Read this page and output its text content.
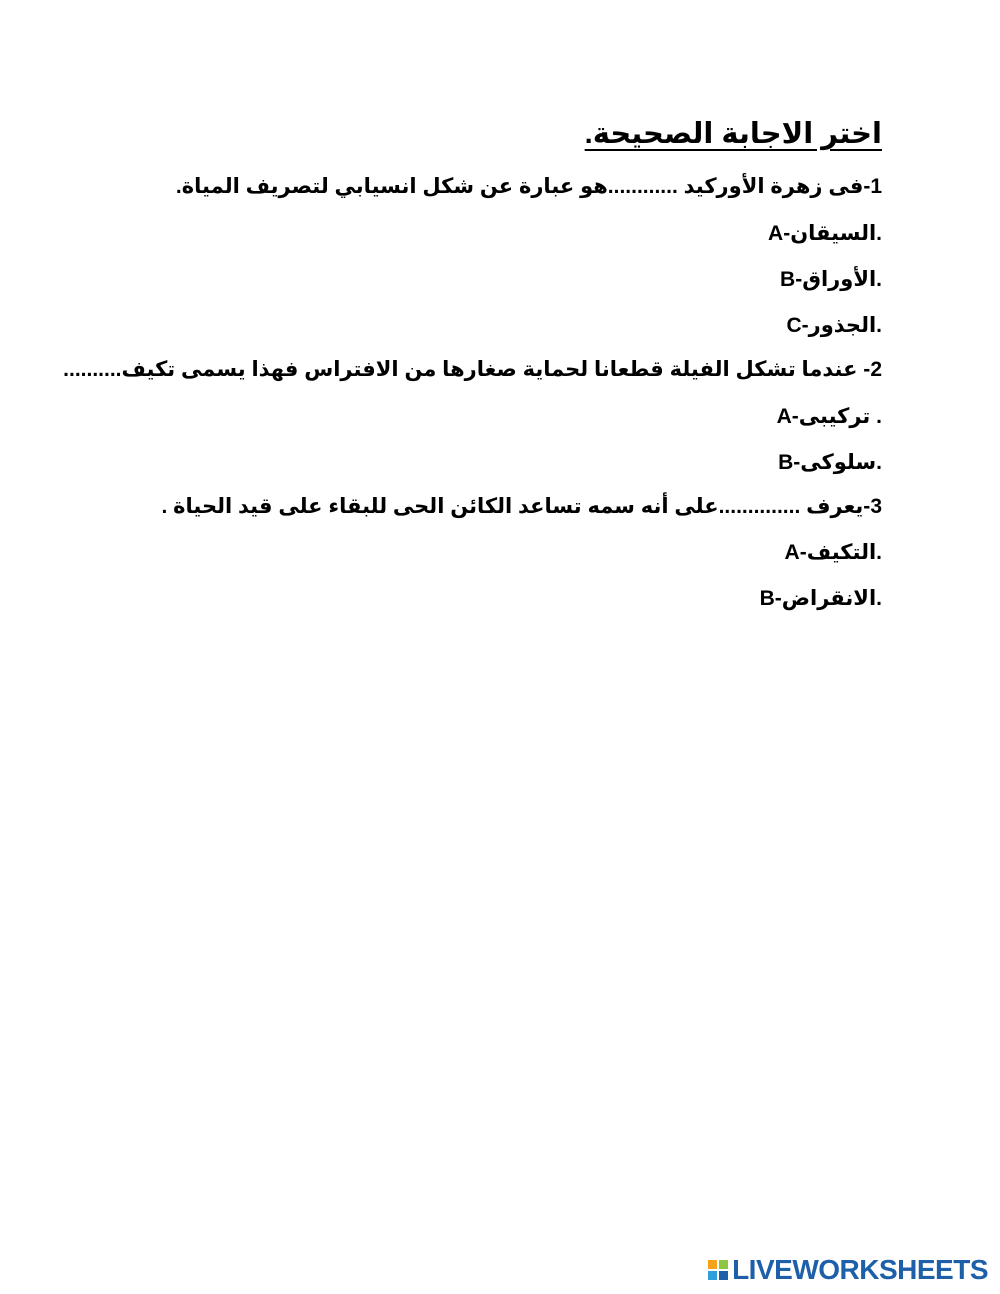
اختر الاجابة الصحيحة.
1-فى زهرة الأوركيد ............هو عبارة عن شكل انسيابي لتصريف المياة.
A-السيقان.
B-الأوراق.
C-الجذور.
2- عندما تشكل الفيلة قطعانا لحماية صغارها من الافتراس فهذا يسمى تكيف..........
A-تركيبى .
B-سلوكى.
3-يعرف ..............على أنه سمه تساعد الكائن الحى للبقاء على قيد الحياة .
A-التكيف.
B-الانقراض.
LIVEWORKSHEETS
